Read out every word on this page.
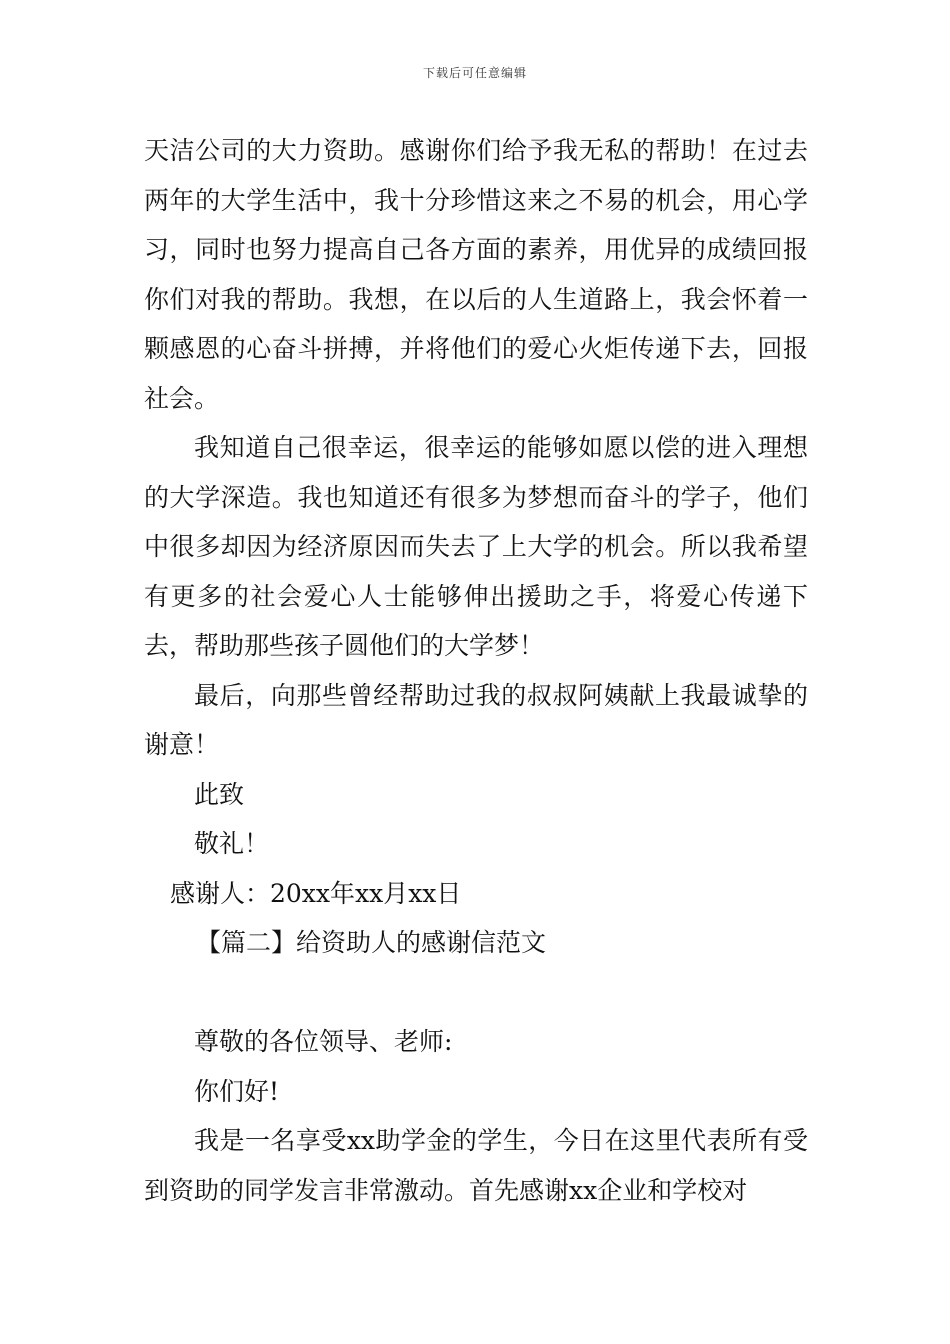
下载后可任意编辑

天洁公司的大力资助。感谢你们给予我无私的帮助！在过去两年的大学生活中，我十分珍惜这来之不易的机会，用心学习，同时也努力提高自己各方面的素养，用优异的成绩回报你们对我的帮助。我想，在以后的人生道路上，我会怀着一颗感恩的心奋斗拼搏，并将他们的爱心火炬传递下去，回报社会。

我知道自己很幸运，很幸运的能够如愿以偿的进入理想的大学深造。我也知道还有很多为梦想而奋斗的学子，他们中很多却因为经济原因而失去了上大学的机会。所以我希望有更多的社会爱心人士能够伸出援助之手，将爱心传递下去，帮助那些孩子圆他们的大学梦！

最后，向那些曾经帮助过我的叔叔阿姨献上我最诚挚的谢意！

此致

敬礼！

感谢人：20xx年xx月xx日

【篇二】给资助人的感谢信范文

尊敬的各位领导、老师:

你们好!

我是一名享受xx助学金的学生，今日在这里代表所有受到资助的同学发言非常激动。首先感谢xx企业和学校对
